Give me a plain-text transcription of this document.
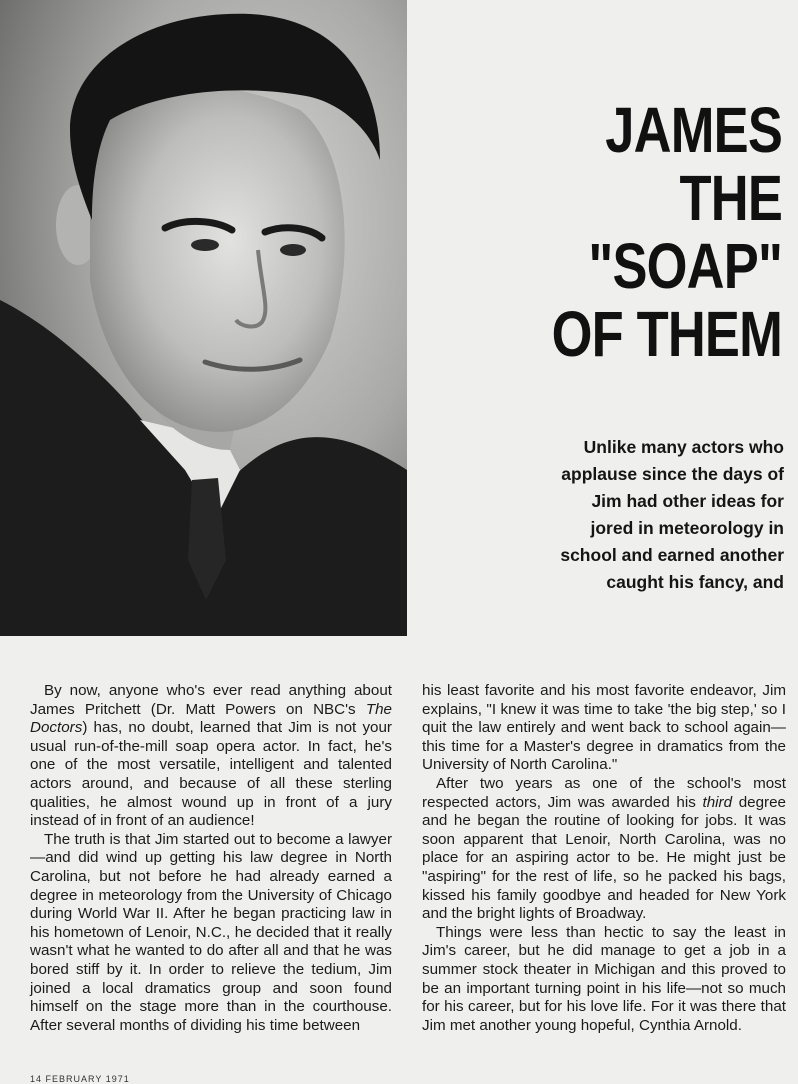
JAMES
THE
"SOAP"
OF THEM
Unlike many actors who
applause since the days of
Jim had other ideas for
jored in meteorology in
school and earned another
caught his fancy, and

By now, anyone who's ever read anything about James Pritchett (Dr. Matt Powers on NBC's The Doctors) has, no doubt, learned that Jim is not your usual run-of-the-mill soap opera actor. In fact, he's one of the most versatile, intelligent and talented actors around, and because of all these sterling qualities, he almost wound up in front of a jury instead of in front of an audience!

The truth is that Jim started out to become a lawyer—and did wind up getting his law degree in North Carolina, but not before he had already earned a degree in meteorology from the University of Chicago during World War II. After he began practicing law in his hometown of Lenoir, N.C., he decided that it really wasn't what he wanted to do after all and that he was bored stiff by it. In order to relieve the tedium, Jim joined a local dramatics group and soon found himself on the stage more than in the courthouse. After several months of dividing his time between

his least favorite and his most favorite endeavor, Jim explains, "I knew it was time to take 'the big step,' so I quit the law entirely and went back to school again—this time for a Master's degree in dramatics from the University of North Carolina."

After two years as one of the school's most respected actors, Jim was awarded his third degree and he began the routine of looking for jobs. It was soon apparent that Lenoir, North Carolina, was no place for an aspiring actor to be. He might just be "aspiring" for the rest of life, so he packed his bags, kissed his family goodbye and headed for New York and the bright lights of Broadway.

Things were less than hectic to say the least in Jim's career, but he did manage to get a job in a summer stock theater in Michigan and this proved to be an important turning point in his life—not so much for his career, but for his love life. For it was there that Jim met another young hopeful, Cynthia Arnold.

14 FEBRUARY 1971
